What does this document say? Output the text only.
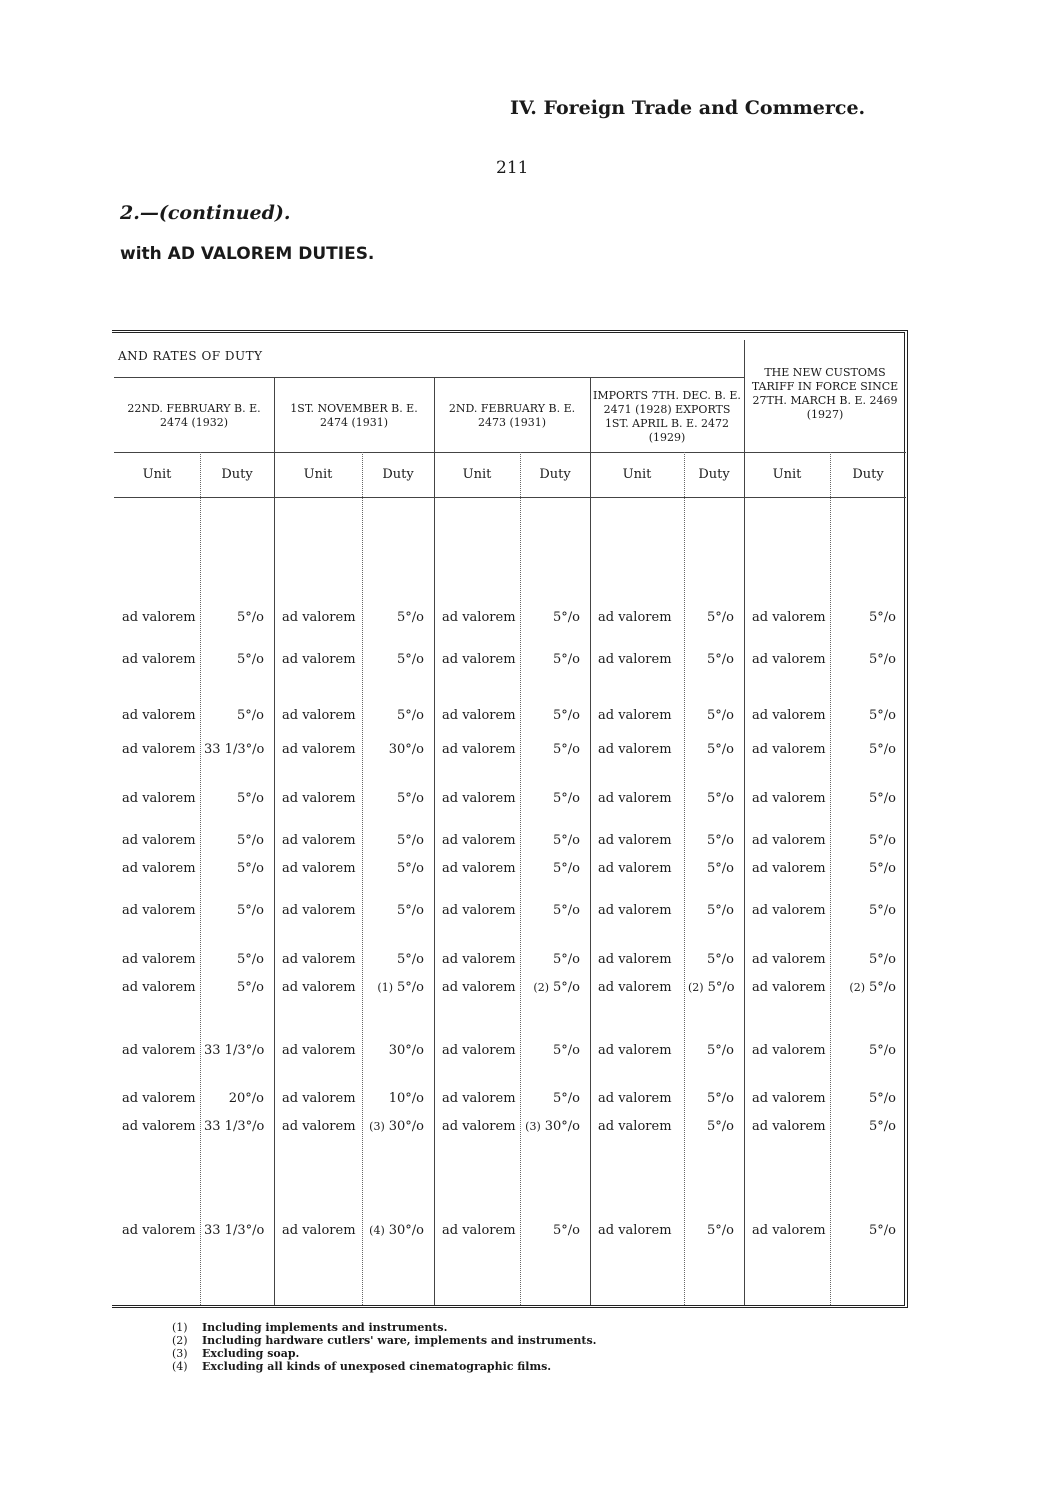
IV. Foreign Trade and Commerce.
211
2.—(continued).
with AD VALOREM DUTIES.
AND RATES OF DUTY
22ND. FEBRUARY B. E. 2474 (1932)
1ST. NOVEMBER B. E. 2474 (1931)
2ND. FEBRUARY B. E. 2473 (1931)
IMPORTS 7TH. DEC. B. E. 2471 (1928) EXPORTS 1ST. APRIL B. E. 2472 (1929)
THE NEW CUSTOMS TARIFF IN FORCE SINCE 27TH. MARCH B. E. 2469 (1927)
Unit	Duty	Unit	Duty	Unit	Duty	Unit	Duty	Unit	Duty
ad valorem	5°/o ad valorem	5°/o ad valorem	5°/o ad valorem	5°/o ad valorem	5°/o
ad valorem	5°/o ad valorem	5°/o ad valorem	5°/o ad valorem	5°/o ad valorem	5°/o
ad valorem	5°/o ad valorem	5°/o ad valorem	5°/o ad valorem	5°/o ad valorem	5°/o
ad valorem 33 1/3°/o ad valorem	30°/o ad valorem	5°/o ad valorem	5°/o ad valorem	5°/o
ad valorem	5°/o ad valorem	5°/o ad valorem	5°/o ad valorem	5°/o ad valorem	5°/o
ad valorem	5°/o ad valorem	5°/o ad valorem	5°/o ad valorem	5°/o ad valorem	5°/o
ad valorem	5°/o ad valorem	5°/o ad valorem	5°/o ad valorem	5°/o ad valorem	5°/o
ad valorem	5°/o ad valorem	5°/o ad valorem	5°/o ad valorem	5°/o ad valorem	5°/o
ad valorem	5°/o ad valorem	5°/o ad valorem	5°/o ad valorem	5°/o ad valorem	5°/o
ad valorem	5°/o ad valorem	(1) 5°/o ad valorem	(2) 5°/o ad valorem (2) 5°/o ad valorem	(2) 5°/o
ad valorem 33 1/3°/o ad valorem	30°/o ad valorem	5°/o ad valorem	5°/o ad valorem	5°/o
ad valorem	20°/o ad valorem	10°/o ad valorem	5°/o ad valorem	5°/o ad valorem	5°/o
ad valorem 33 1/3°/o ad valorem (3) 30°/o ad valorem (3) 30°/o ad valorem	5°/o ad valorem	5°/o
ad valorem 33 1/3°/o ad valorem (4) 30°/o ad valorem	5°/o ad valorem	5°/o ad valorem	5°/o
(1) Including implements and instruments.
(2) Including hardware cutlers' ware, implements and instruments.
(3) Excluding soap.
(4) Excluding all kinds of unexposed cinematographic films.
